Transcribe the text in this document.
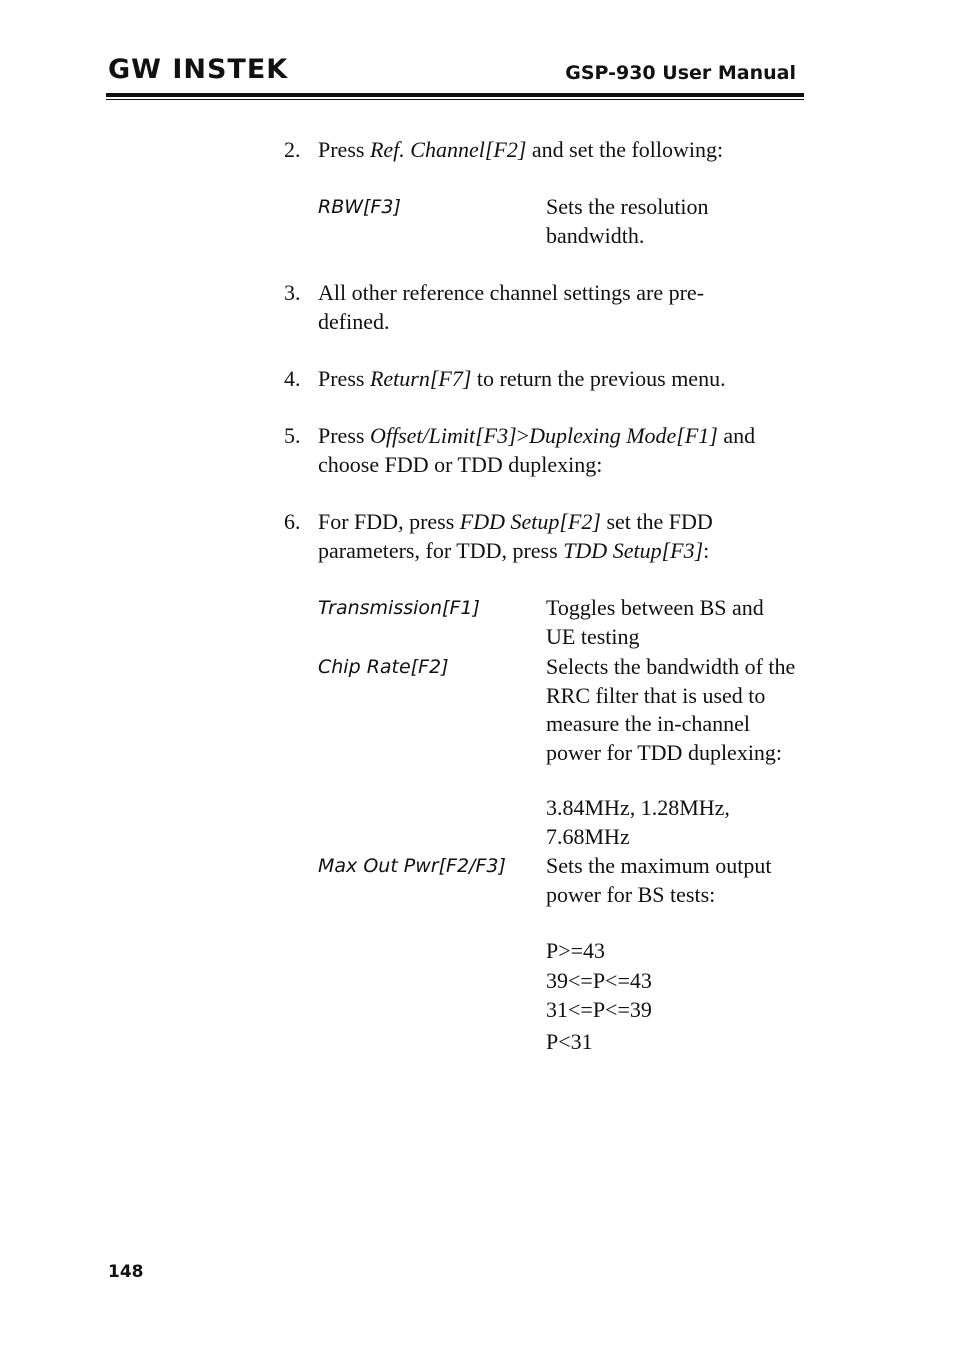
GW INSTEK	GSP-930 User Manual
2. Press Ref. Channel[F2] and set the following:
RBW[F3]	Sets the resolution bandwidth.
3. All other reference channel settings are pre-defined.
4. Press Return[F7] to return the previous menu.
5. Press Offset/Limit[F3]>Duplexing Mode[F1] and choose FDD or TDD duplexing:
6. For FDD, press FDD Setup[F2] set the FDD parameters, for TDD, press TDD Setup[F3]:
Transmission[F1]	Toggles between BS and UE testing
Chip Rate[F2]	Selects the bandwidth of the RRC filter that is used to measure the in-channel power for TDD duplexing:
3.84MHz, 1.28MHz, 7.68MHz
Max Out Pwr[F2/F3] Sets the maximum output power for BS tests:
P>=43
39<=P<=43
31<=P<=39
P<31
148
